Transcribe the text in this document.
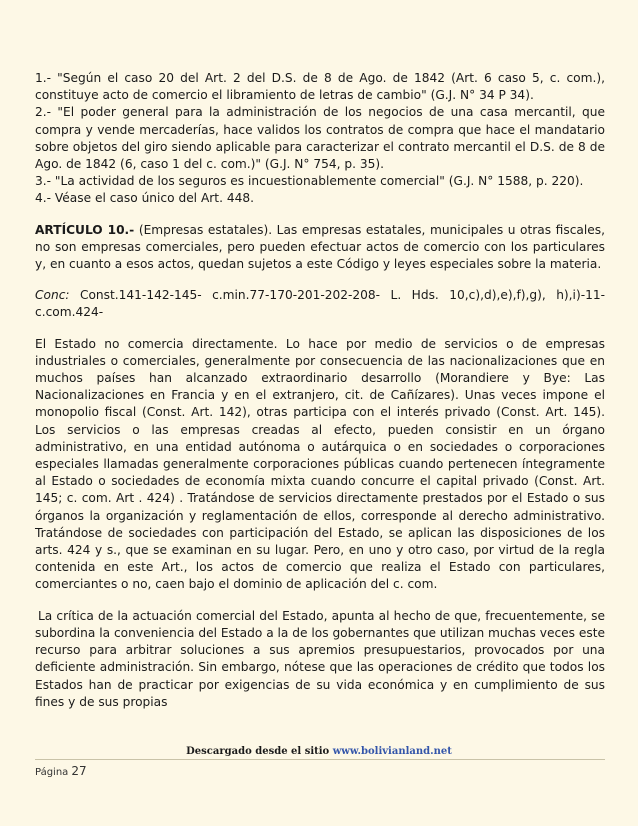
1.- "Según el caso 20 del Art. 2 del D.S. de 8 de Ago. de 1842 (Art. 6 caso 5, c. com.), constituye acto de comercio el libramiento de letras de cambio" (G.J. N° 34 P 34).

2.- "El poder general para la administración de los negocios de una casa mercantil, que compra y vende mercaderías, hace validos los contratos de compra que hace el mandatario sobre objetos del giro siendo aplicable para caracterizar el contrato mercantil el D.S. de 8 de Ago. de 1842 (6, caso 1 del c. com.)" (G.J. N° 754, p. 35).

3.- "La actividad de los seguros es incuestionablemente comercial" (G.J. N° 1588, p. 220).

4.- Véase el caso único del Art. 448.

ARTÍCULO 10.- (Empresas estatales). Las empresas estatales, municipales u otras fiscales, no son empresas comerciales, pero pueden efectuar actos de comercio con los particulares y, en cuanto a esos actos, quedan sujetos a este Código y leyes especiales sobre la materia.

Conc: Const.141-142-145- c.min.77-170-201-202-208- L. Hds. 10,c),d),e),f),g), h),i)-11- c.com.424-

El Estado no comercia directamente. Lo hace por medio de servicios o de empresas industriales o comerciales, generalmente por consecuencia de las nacionalizaciones que en muchos países han alcanzado extraordinario desarrollo (Morandiere y Bye: Las Nacionalizaciones en Francia y en el extranjero, cit. de Cañízares). Unas veces impone el monopolio fiscal (Const. Art. 142), otras participa con el interés privado (Const. Art. 145). Los servicios o las empresas creadas al efecto, pueden consistir en un órgano administrativo, en una entidad autónoma o autárquica o en sociedades o corporaciones especiales llamadas generalmente corporaciones públicas cuando pertenecen íntegramente al Estado o sociedades de economía mixta cuando concurre el capital privado (Const. Art. 145; c. com. Art . 424) . Tratándose de servicios directamente prestados por el Estado o sus órganos la organización y reglamentación de ellos, corresponde al derecho administrativo. Tratándose de sociedades con participación del Estado, se aplican las disposiciones de los arts. 424 y s., que se examinan en su lugar. Pero, en uno y otro caso, por virtud de la regla contenida en este Art., los actos de comercio que realiza el Estado con particulares, comerciantes o no, caen bajo el dominio de aplicación del c. com.

La crítica de la actuación comercial del Estado, apunta al hecho de que, frecuentemente, se subordina la conveniencia del Estado a la de los gobernantes que utilizan muchas veces este recurso para arbitrar soluciones a sus apremios presupuestarios, provocados por una deficiente administración. Sin embargo, nótese que las operaciones de crédito que todos los Estados han de practicar por exigencias de su vida económica y en cumplimiento de sus fines y de sus propias

Descargado desde el sitio www.bolivianland.net
Página 27
